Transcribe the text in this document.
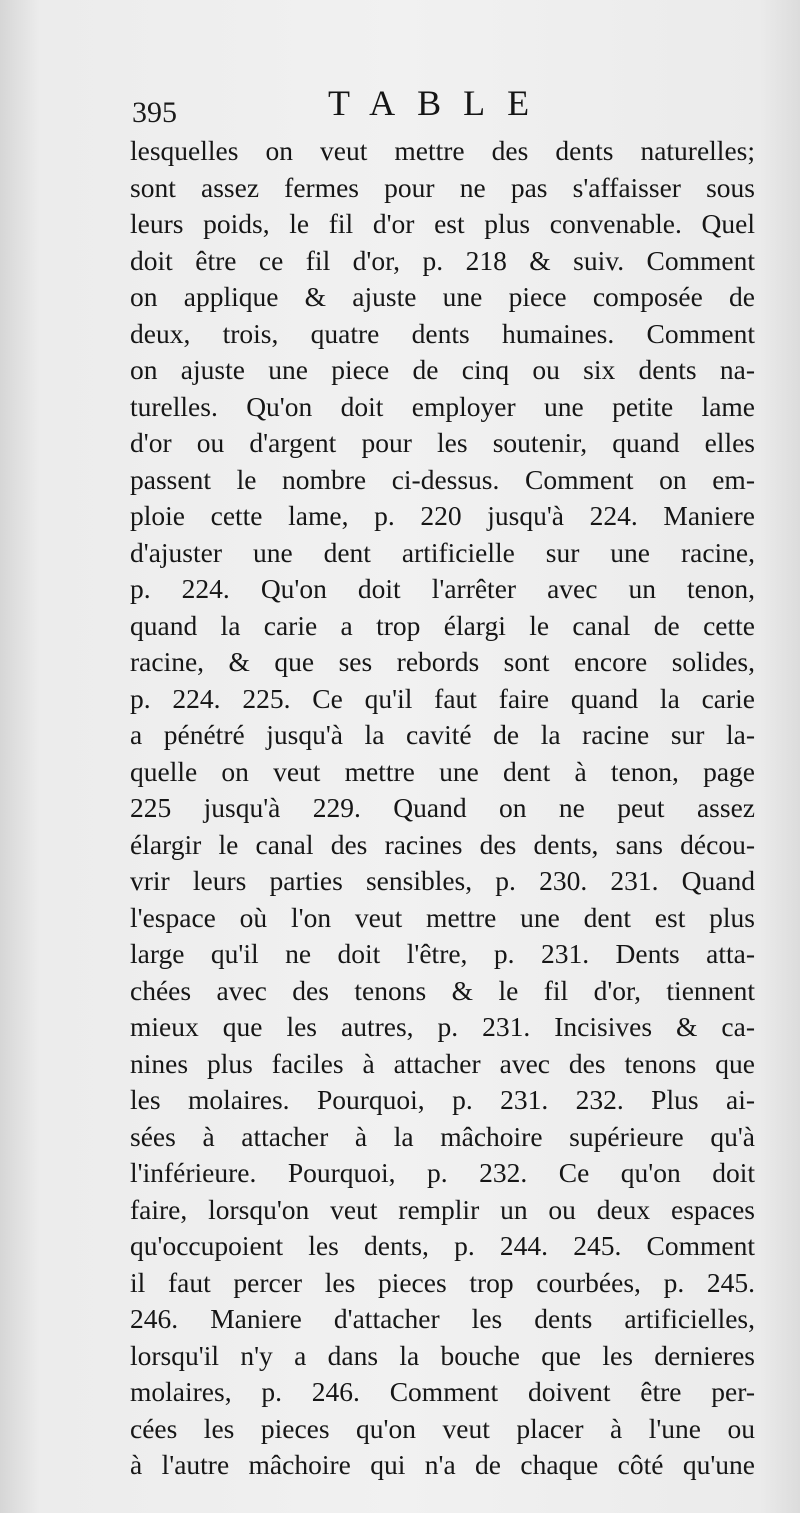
395	TABLE
lesquelles on veut mettre des dents naturelles;
sont assez fermes pour ne pas s'affaisser sous
leurs poids, le fil d'or est plus convenable. Quel
doit être ce fil d'or, p. 218 & suiv. Comment
on applique & ajuste une piece composée de
deux, trois, quatre dents humaines. Comment
on ajuste une piece de cinq ou six dents na-
turelles. Qu'on doit employer une petite lame
d'or ou d'argent pour les soutenir, quand elles
passent le nombre ci-dessus. Comment on em-
ploie cette lame, p. 220 jusqu'à 224. Maniere
d'ajuster une dent artificielle sur une racine,
p. 224. Qu'on doit l'arrêter avec un tenon,
quand la carie a trop élargi le canal de cette
racine, & que ses rebords sont encore solides,
p. 224. 225. Ce qu'il faut faire quand la carie
a pénétré jusqu'à la cavité de la racine sur la-
quelle on veut mettre une dent à tenon, page
225 jusqu'à 229. Quand on ne peut assez
élargir le canal des racines des dents, sans décou-
vrir leurs parties sensibles, p. 230. 231. Quand
l'espace où l'on veut mettre une dent est plus
large qu'il ne doit l'être, p. 231. Dents atta-
chées avec des tenons & le fil d'or, tiennent
mieux que les autres, p. 231. Incisives & ca-
nines plus faciles à attacher avec des tenons que
les molaires. Pourquoi, p. 231. 232. Plus ai-
sées à attacher à la mâchoire supérieure qu'à
l'inférieure. Pourquoi, p. 232. Ce qu'on doit
faire, lorsqu'on veut remplir un ou deux espaces
qu'occupoient les dents, p. 244. 245. Comment
il faut percer les pieces trop courbées, p. 245.
246. Maniere d'attacher les dents artificielles,
lorsqu'il n'y a dans la bouche que les dernieres
molaires, p. 246. Comment doivent être per-
cées les pieces qu'on veut placer à l'une ou
à l'autre mâchoire qui n'a de chaque côté qu'une
